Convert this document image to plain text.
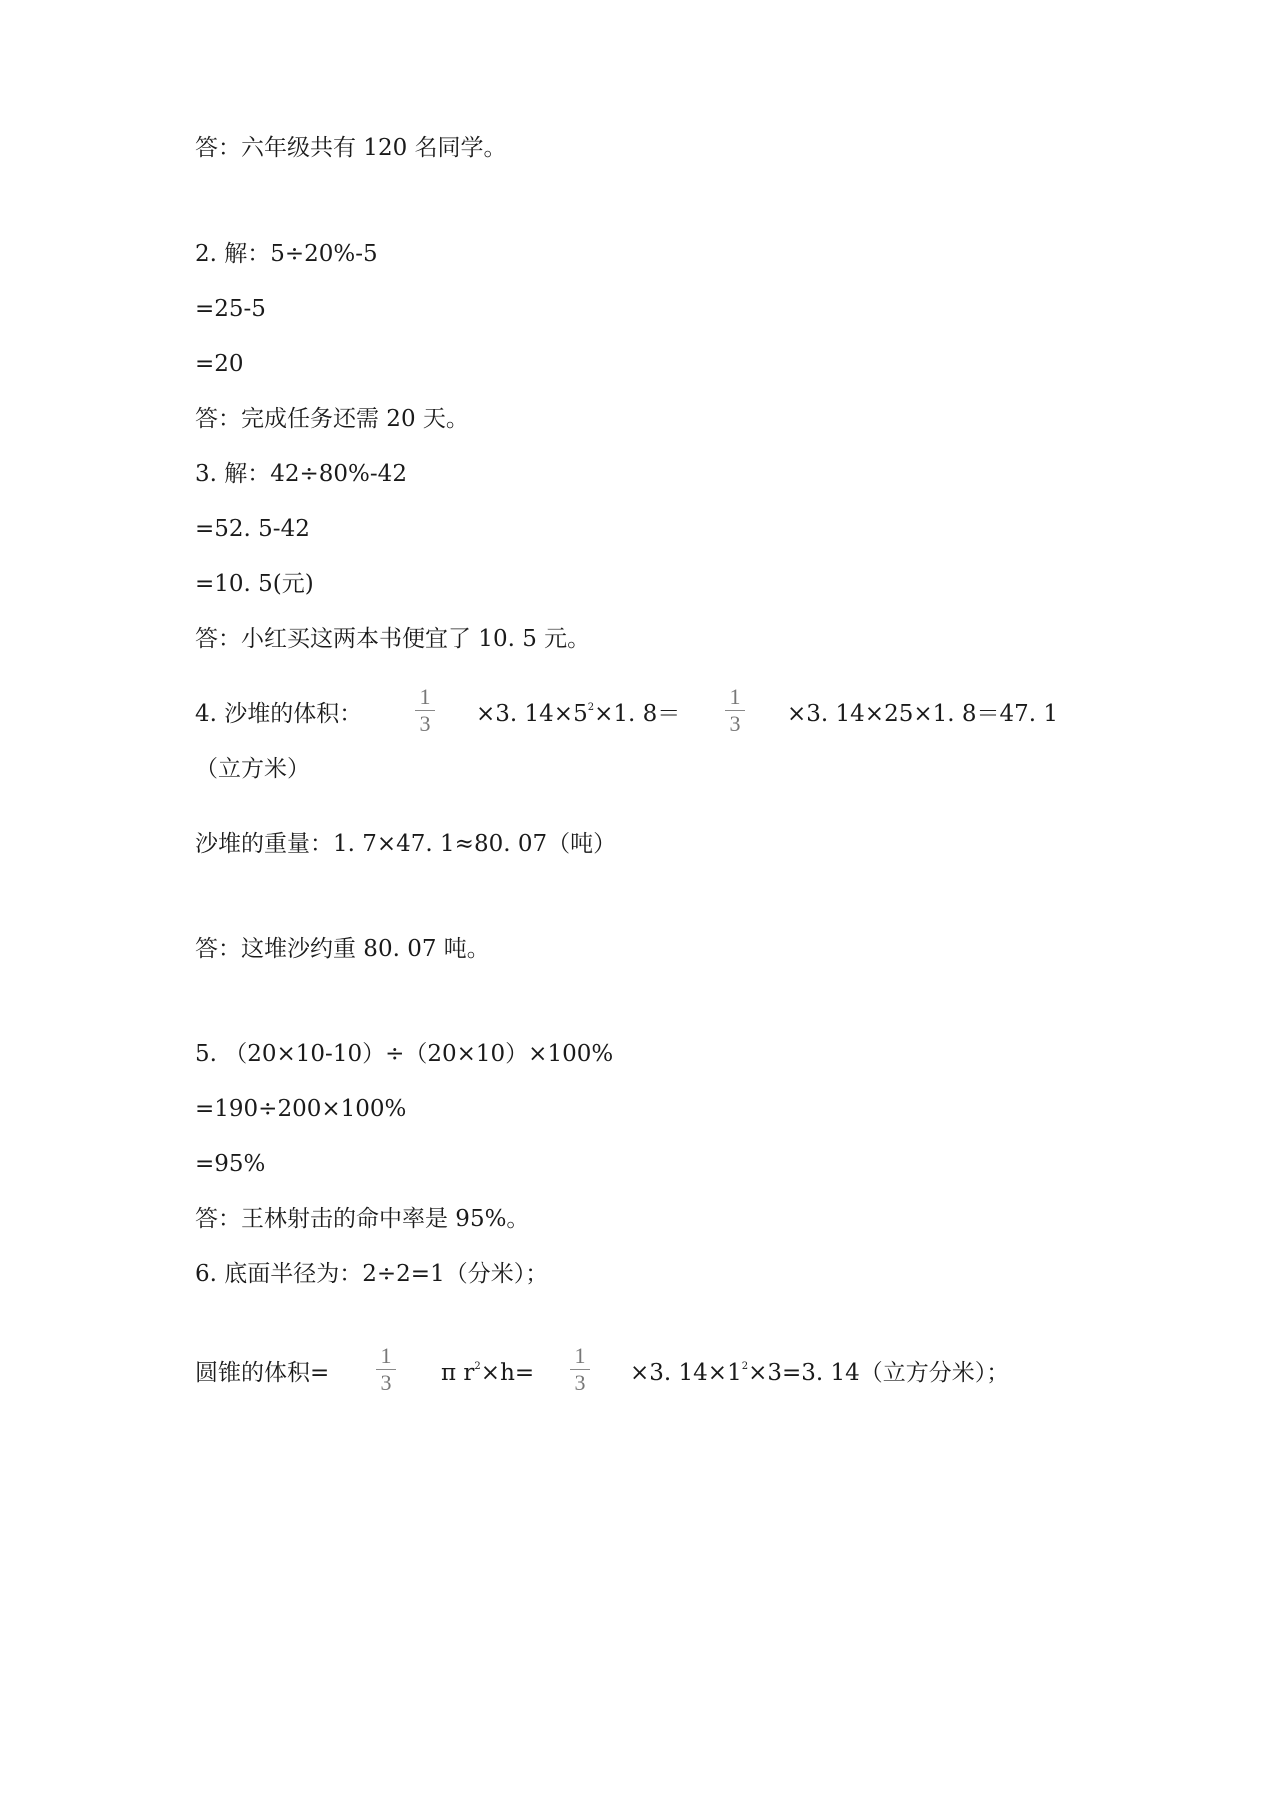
答：六年级共有 120 名同学。
2. 解：5÷20%-5
=25-5
=20
答：完成任务还需 20 天。
3. 解：42÷80%-42
=52. 5-42
=10. 5(元)
答：小红买这两本书便宜了 10. 5 元。
4. 沙堆的体积：
1
3 ×3. $14\times 5^2\times 1$. 8＝
1
3 ×3. 14×25×1. 8＝47. 1
（立方米）
沙堆的重量：1. 7×47. 1≈80. 07（吨）
答：这堆沙约重 80. 07 吨。
5. （20×10-10）÷（20×10）×100%
=190÷200×100%
=95%
答：王林射击的命中率是 95%。
6. 底面半径为：2÷2=1（分米）；
圆锥的体积=
1
3 π $r^2\times h=$
1
3 ×3. $14\times 1^2\times 3=3$. 14（立方分米）；
